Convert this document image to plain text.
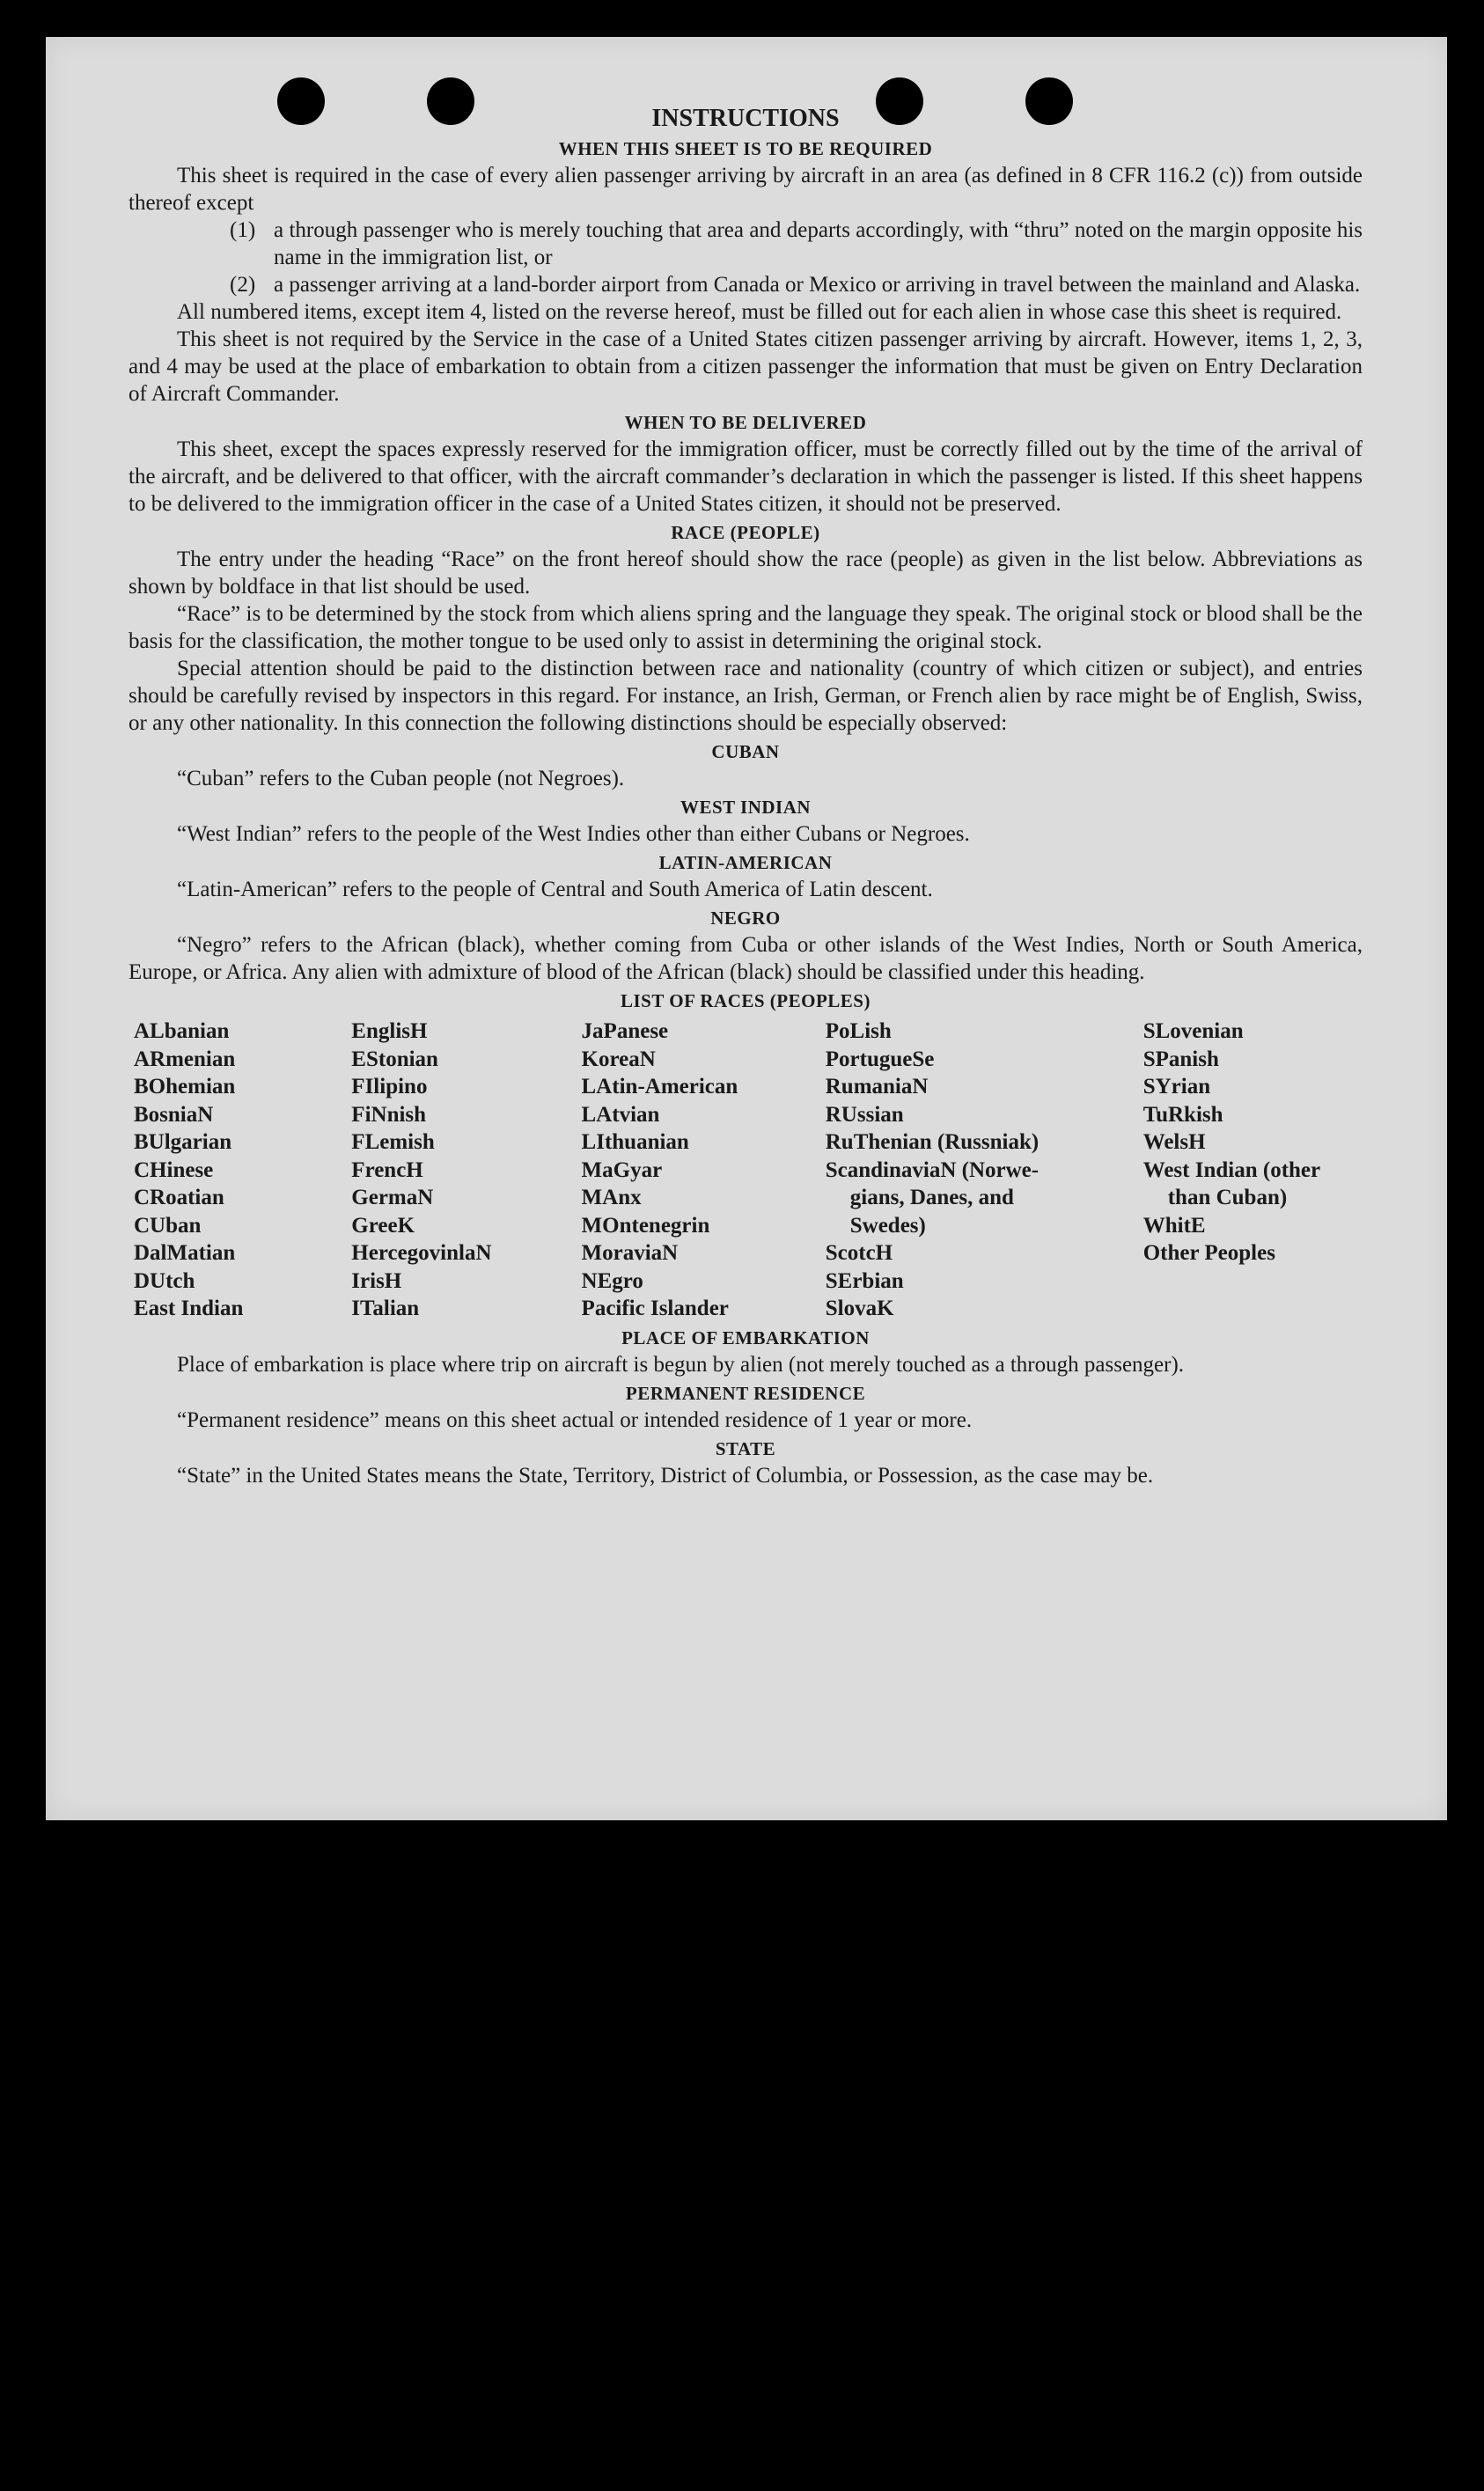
INSTRUCTIONS

WHEN THIS SHEET IS TO BE REQUIRED

This sheet is required in the case of every alien passenger arriving by aircraft in an area (as defined in 8 CFR 116.2 (c)) from outside thereof except

(1) a through passenger who is merely touching that area and departs accordingly, with “thru” noted on the margin opposite his name in the immigration list, or
(2) a passenger arriving at a land-border airport from Canada or Mexico or arriving in travel between the mainland and Alaska.

All numbered items, except item 4, listed on the reverse hereof, must be filled out for each alien in whose case this sheet is required.

This sheet is not required by the Service in the case of a United States citizen passenger arriving by aircraft. However, items 1, 2, 3, and 4 may be used at the place of embarkation to obtain from a citizen passenger the information that must be given on Entry Declaration of Aircraft Commander.

WHEN TO BE DELIVERED

This sheet, except the spaces expressly reserved for the immigration officer, must be correctly filled out by the time of the arrival of the aircraft, and be delivered to that officer, with the aircraft commander’s declaration in which the passenger is listed. If this sheet happens to be delivered to the immigration officer in the case of a United States citizen, it should not be preserved.

RACE (PEOPLE)

The entry under the heading “Race” on the front hereof should show the race (people) as given in the list below. Abbreviations as shown by boldface in that list should be used.

“Race” is to be determined by the stock from which aliens spring and the language they speak. The original stock or blood shall be the basis for the classification, the mother tongue to be used only to assist in determining the original stock.

Special attention should be paid to the distinction between race and nationality (country of which citizen or subject), and entries should be carefully revised by inspectors in this regard. For instance, an Irish, German, or French alien by race might be of English, Swiss, or any other nationality. In this connection the following distinctions should be especially observed:

CUBAN

“Cuban” refers to the Cuban people (not Negroes).

WEST INDIAN

“West Indian” refers to the people of the West Indies other than either Cubans or Negroes.

LATIN-AMERICAN

“Latin-American” refers to the people of Central and South America of Latin descent.

NEGRO

“Negro” refers to the African (black), whether coming from Cuba or other islands of the West Indies, North or South America, Europe, or Africa. Any alien with admixture of blood of the African (black) should be classified under this heading.

LIST OF RACES (PEOPLES)

ALbanian
ARmenian
BOhemian
BosniaN
BUlgarian
CHinese
CRoatian
CUban
DalMatian
DUtch
East Indian
EnglisH
EStonian
FIlipino
FiNnish
FLemish
FrencH
GermaN
GreeK
HercegovinlaN
IrisH
ITalian
JaPanese
KoreaN
LAtin-American
LAtvian
LIthuanian
MaGyar
MAnx
MOntenegrin
MoraviaN
NEgro
Pacific Islander
PoLish
PortugueSe
RumaniaN
RUssian
RuThenian (Russniak)
ScandinaviaN (Norwe-
gians, Danes, and
Swedes)
ScotcH
SErbian
SlovaK
SLovenian
SPanish
SYrian
TuRkish
WelsH
West Indian (other
than Cuban)
WhitE
Other Peoples

PLACE OF EMBARKATION

Place of embarkation is place where trip on aircraft is begun by alien (not merely touched as a through passenger).

PERMANENT RESIDENCE

“Permanent residence” means on this sheet actual or intended residence of 1 year or more.

STATE

“State” in the United States means the State, Territory, District of Columbia, or Possession, as the case may be.
